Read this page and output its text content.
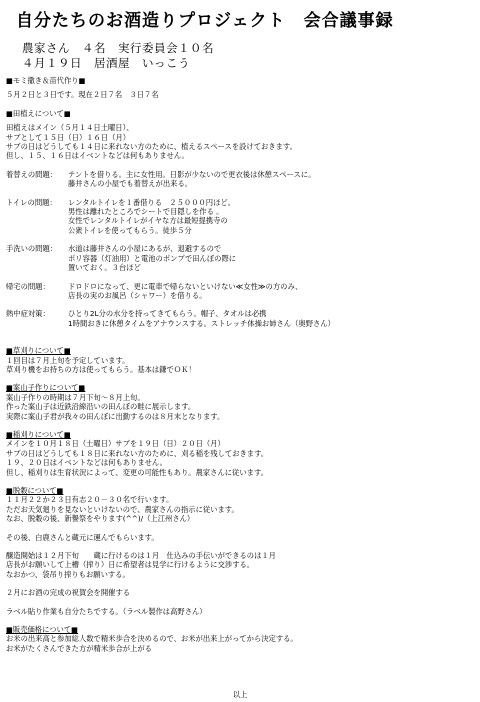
自分たちのお酒造りプロジェクト　会合議事録
農家さん　４名　実行委員会１０名
４月１９日　居酒屋　いっこう
■モミ撒き＆苗代作り■
５月２日と３日です。現在２日７名　３日７名
■田植えについて■
田植えはメイン（５月１４日土曜日）、
サブとして１５日（日）１６日（月）
サブの日はどうしても１４日に来れない方のために、植えるスペースを設けておきます。
但し、１５、１６日はイベントなどは何もありません。
着替えの問題：	テントを借りる。主に女性用。日影が少ないので更衣後は休憩スペースに。
藤井さんの小屋でも着替えが出来る。
トイレの問題：	レンタルトイレを１番借りる　２５０００円ほど。
男性は離れたところでシートで目隠しを作る 。
女性でレンタルトイレがイヤな方は最短提携寺の
公衆トイレを使ってもらう。徒歩５分
手洗いの問題：	水道は藤井さんの小屋にあるが、退避するので
ポリ容器（灯油用）と電池のポンプで田んぼの際に
置いておく。３台ほど
帰宅の問題：	ドロドロになって、更に電車で帰らないといけない≪女性≫の方のみ、
店長の実のお風呂（シャワー）を借りる。
熱中症対策：	ひとり2L分の水分を持ってきてもらう。帽子、タオルは必携
1時間おきに休憩タイムをアナウンスする。ストレッチ体操お姉さん（奥野さん）
■草刈りについて■
１回目は７月上旬を予定しています。
草刈り機をお持ちの方は使ってもらう。基本は鎌でＯＫ！
■案山子作りについて■
案山子作りの時期は７月下旬～８月上旬。
作った案山子は近鉄沿線沿いの田んぼの畦に展示します。
実際に案山子君が我々の田んぼに出勤するのは８月末となります。
■稲刈りについて■
メインを１０月１８日（土曜日）サブを１９日（日）２０日（月）
サブの日はどうしても１８日に来れない方のために、刈る稲を残しておきます。
１９、２０日はイベントなどは何もありません。
但し、稲刈りは生育状況によって、変更の可能性もあり。農家さんに従います。
■脱穀について■
１１月２２か２３日有志２０－３０名で行います。
ただお天気廻りを見ないといけないので、農家さんの指示に従います。
なお、脱穀の後、新譽祭をやります(^^)/（上江州さん）
その後、白鹿さんと蔵元に運んでもらいます。
醸造開始は１２月下旬　　蔵に行けるのは１月　仕込みの手伝いができるのは１月
店長がお願いして上槽（搾り）日に希望者は見学に行けるように交渉する。
なおかつ、袋吊り搾りもお願いする。
２月にお酒の完成の祝賀会を開催する
ラベル貼り作業も自分たちでする。（ラベル製作は高野さん）
■販売価格について■
お米の出来高と参加総人数で精米歩合を決めるので、お米が出来上がってから決定する。
お米がたくさんできた方が精米歩合が上がる
以上
